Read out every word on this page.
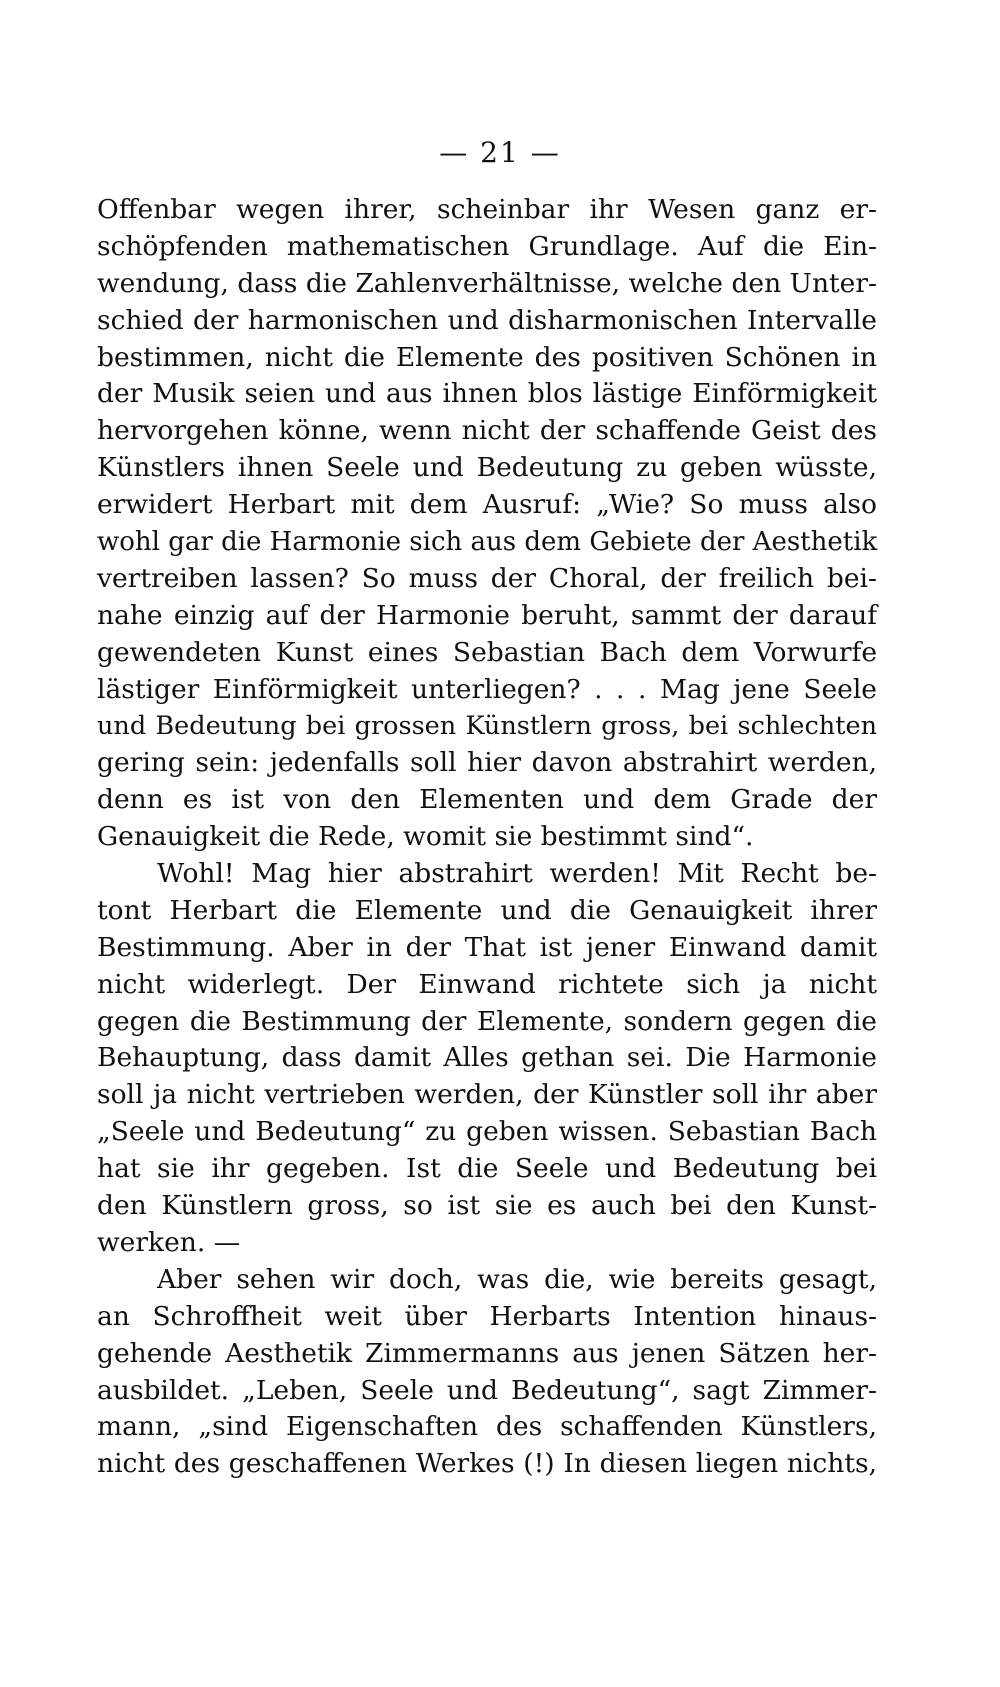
— 21 —
Offenbar wegen ihrer, scheinbar ihr Wesen ganz er-
schöpfenden mathematischen Grundlage. Auf die Ein-
wendung, dass die Zahlenverhältnisse, welche den Unter-
schied der harmonischen und disharmonischen Intervalle
bestimmen, nicht die Elemente des positiven Schönen in
der Musik seien und aus ihnen blos lästige Einförmigkeit
hervorgehen könne, wenn nicht der schaffende Geist des
Künstlers ihnen Seele und Bedeutung zu geben wüsste,
erwidert Herbart mit dem Ausruf: „Wie? So muss also
wohl gar die Harmonie sich aus dem Gebiete der Aesthetik
vertreiben lassen? So muss der Choral, der freilich bei-
nahe einzig auf der Harmonie beruht, sammt der darauf
gewendeten Kunst eines Sebastian Bach dem Vorwurfe
lästiger Einförmigkeit unterliegen? . . . Mag jene Seele
und Bedeutung bei grossen Künstlern gross, bei schlechten
gering sein: jedenfalls soll hier davon abstrahirt werden,
denn es ist von den Elementen und dem Grade der
Genauigkeit die Rede, womit sie bestimmt sind“.
Wohl! Mag hier abstrahirt werden! Mit Recht be-
tont Herbart die Elemente und die Genauigkeit ihrer
Bestimmung. Aber in der That ist jener Einwand damit
nicht widerlegt. Der Einwand richtete sich ja nicht
gegen die Bestimmung der Elemente, sondern gegen die
Behauptung, dass damit Alles gethan sei. Die Harmonie
soll ja nicht vertrieben werden, der Künstler soll ihr aber
„Seele und Bedeutung“ zu geben wissen. Sebastian Bach
hat sie ihr gegeben. Ist die Seele und Bedeutung bei
den Künstlern gross, so ist sie es auch bei den Kunst-
werken. —
Aber sehen wir doch, was die, wie bereits gesagt,
an Schroffheit weit über Herbarts Intention hinaus-
gehende Aesthetik Zimmermanns aus jenen Sätzen her-
ausbildet. „Leben, Seele und Bedeutung“, sagt Zimmer-
mann, „sind Eigenschaften des schaffenden Künstlers,
nicht des geschaffenen Werkes (!) In diesen liegen nichts,
